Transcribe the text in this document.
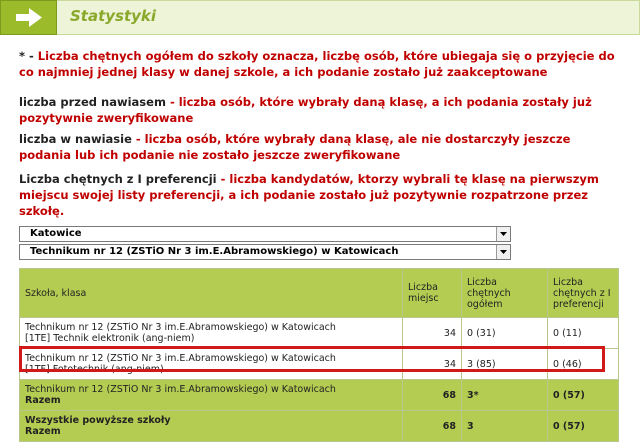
Statystyki
* - Liczba chętnych ogółem do szkoły oznacza, liczbę osób, które ubiegaja się o przyjęcie do co najmniej jednej klasy w danej szkole, a ich podanie zostało już zaakceptowane
liczba przed nawiasem - liczba osób, które wybrały daną klasę, a ich podania zostały już pozytywnie zweryfikowane
liczba w nawiasie - liczba osób, które wybrały daną klasę, ale nie dostarczyły jeszcze podania lub ich podanie nie zostało jeszcze zweryfikowane
Liczba chętnych z I preferencji - liczba kandydatów, ktorzy wybrali tę klasę na pierwszym miejscu swojej listy preferencji, a ich podanie zostało już pozytywnie rozpatrzone przez szkołę.
Katowice
Technikum nr 12 (ZSTiO Nr 3 im.E.Abramowskiego) w Katowicach
Szkoła, klasa	Liczba miejsc	Liczba chętnych ogółem	Liczba chętnych z I preferencji

Technikum nr 12 (ZSTiO Nr 3 im.E.Abramowskiego) w Katowicach
[1TE] Technik elektronik (ang-niem)	34	0 (31)	0 (11)

Technikum nr 12 (ZSTiO Nr 3 im.E.Abramowskiego) w Katowicach
[1TF] Fototechnik (ang-niem)	34	3 (85)	0 (46)

Technikum nr 12 (ZSTiO Nr 3 im.E.Abramowskiego) w Katowicach
Razem	68	3*	0 (57)

Wszystkie powyższe szkoły
Razem	68	3	0 (57)
